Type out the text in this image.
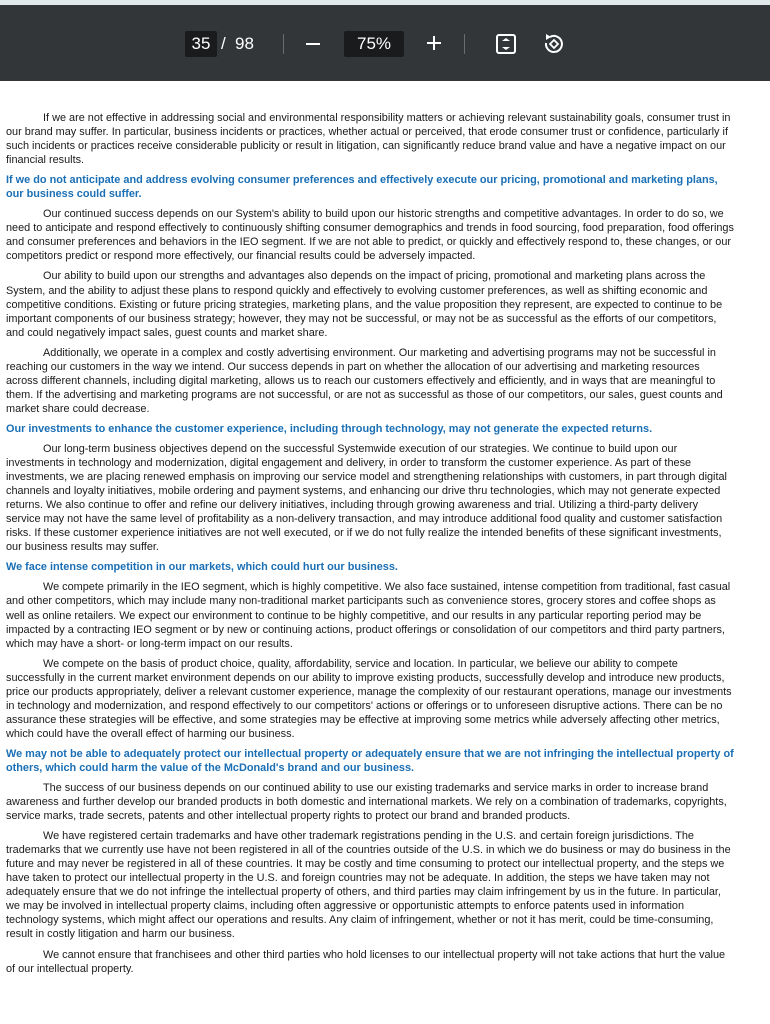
35 / 98	75%

If we are not effective in addressing social and environmental responsibility matters or achieving relevant sustainability goals, consumer trust in our brand may suffer. In particular, business incidents or practices, whether actual or perceived, that erode consumer trust or confidence, particularly if such incidents or practices receive considerable publicity or result in litigation, can significantly reduce brand value and have a negative impact on our financial results.

If we do not anticipate and address evolving consumer preferences and effectively execute our pricing, promotional and marketing plans, our business could suffer.

Our continued success depends on our System's ability to build upon our historic strengths and competitive advantages. In order to do so, we need to anticipate and respond effectively to continuously shifting consumer demographics and trends in food sourcing, food preparation, food offerings and consumer preferences and behaviors in the IEO segment. If we are not able to predict, or quickly and effectively respond to, these changes, or our competitors predict or respond more effectively, our financial results could be adversely impacted.

Our ability to build upon our strengths and advantages also depends on the impact of pricing, promotional and marketing plans across the System, and the ability to adjust these plans to respond quickly and effectively to evolving customer preferences, as well as shifting economic and competitive conditions. Existing or future pricing strategies, marketing plans, and the value proposition they represent, are expected to continue to be important components of our business strategy; however, they may not be successful, or may not be as successful as the efforts of our competitors, and could negatively impact sales, guest counts and market share.

Additionally, we operate in a complex and costly advertising environment. Our marketing and advertising programs may not be successful in reaching our customers in the way we intend. Our success depends in part on whether the allocation of our advertising and marketing resources across different channels, including digital marketing, allows us to reach our customers effectively and efficiently, and in ways that are meaningful to them. If the advertising and marketing programs are not successful, or are not as successful as those of our competitors, our sales, guest counts and market share could decrease.

Our investments to enhance the customer experience, including through technology, may not generate the expected returns.

Our long-term business objectives depend on the successful Systemwide execution of our strategies. We continue to build upon our investments in technology and modernization, digital engagement and delivery, in order to transform the customer experience. As part of these investments, we are placing renewed emphasis on improving our service model and strengthening relationships with customers, in part through digital channels and loyalty initiatives, mobile ordering and payment systems, and enhancing our drive thru technologies, which may not generate expected returns. We also continue to offer and refine our delivery initiatives, including through growing awareness and trial. Utilizing a third-party delivery service may not have the same level of profitability as a non-delivery transaction, and may introduce additional food quality and customer satisfaction risks. If these customer experience initiatives are not well executed, or if we do not fully realize the intended benefits of these significant investments, our business results may suffer.

We face intense competition in our markets, which could hurt our business.

We compete primarily in the IEO segment, which is highly competitive. We also face sustained, intense competition from traditional, fast casual and other competitors, which may include many non-traditional market participants such as convenience stores, grocery stores and coffee shops as well as online retailers. We expect our environment to continue to be highly competitive, and our results in any particular reporting period may be impacted by a contracting IEO segment or by new or continuing actions, product offerings or consolidation of our competitors and third party partners, which may have a short- or long-term impact on our results.

We compete on the basis of product choice, quality, affordability, service and location. In particular, we believe our ability to compete successfully in the current market environment depends on our ability to improve existing products, successfully develop and introduce new products, price our products appropriately, deliver a relevant customer experience, manage the complexity of our restaurant operations, manage our investments in technology and modernization, and respond effectively to our competitors' actions or offerings or to unforeseen disruptive actions. There can be no assurance these strategies will be effective, and some strategies may be effective at improving some metrics while adversely affecting other metrics, which could have the overall effect of harming our business.

We may not be able to adequately protect our intellectual property or adequately ensure that we are not infringing the intellectual property of others, which could harm the value of the McDonald's brand and our business.

The success of our business depends on our continued ability to use our existing trademarks and service marks in order to increase brand awareness and further develop our branded products in both domestic and international markets. We rely on a combination of trademarks, copyrights, service marks, trade secrets, patents and other intellectual property rights to protect our brand and branded products.

We have registered certain trademarks and have other trademark registrations pending in the U.S. and certain foreign jurisdictions. The trademarks that we currently use have not been registered in all of the countries outside of the U.S. in which we do business or may do business in the future and may never be registered in all of these countries. It may be costly and time consuming to protect our intellectual property, and the steps we have taken to protect our intellectual property in the U.S. and foreign countries may not be adequate. In addition, the steps we have taken may not adequately ensure that we do not infringe the intellectual property of others, and third parties may claim infringement by us in the future. In particular, we may be involved in intellectual property claims, including often aggressive or opportunistic attempts to enforce patents used in information technology systems, which might affect our operations and results. Any claim of infringement, whether or not it has merit, could be time-consuming, result in costly litigation and harm our business.

We cannot ensure that franchisees and other third parties who hold licenses to our intellectual property will not take actions that hurt the value of our intellectual property.
